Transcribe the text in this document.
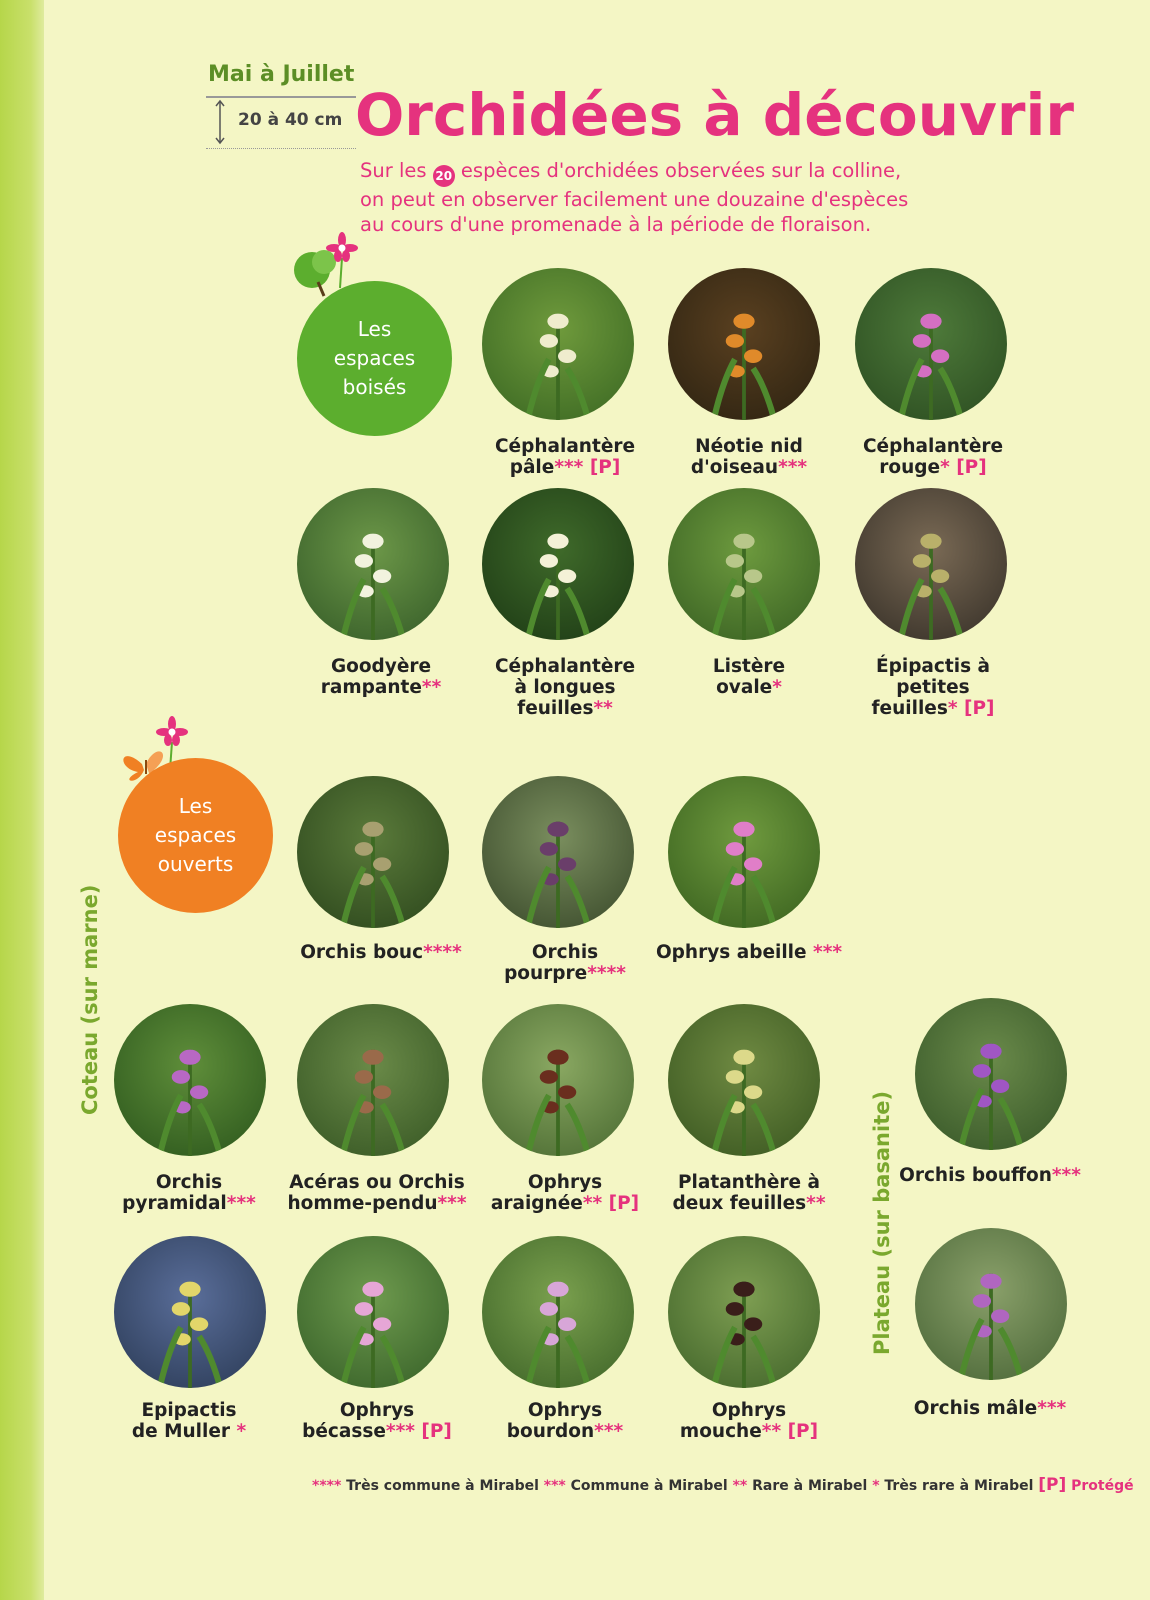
Mai à Juillet
20 à 40 cm Orchidées à découvrir
Sur les 20 espèces d'orchidées observées sur la colline,
on peut en observer facilement une douzaine d'espèces
au cours d'une promenade à la période de floraison.
Les
espaces
boisés
Les
espaces
ouverts
Coteau (sur marne)
Plateau (sur basanite)
Céphalantère
pâle*** [P]
Néotie nid
d'oiseau***
Céphalantère
rouge* [P]
Goodyère
rampante**
Céphalantère
à longues
feuilles**
Listère
ovale*
Épipactis à petites
feuilles* [P]
Orchis bouc****	Orchis pourpre****
Ophrys abeille ***
Orchis pyramidal***
Acéras ou Orchis
homme-pendu***
Ophrys
araignée** [P]
Platanthère à
deux feuilles**
Orchis bouffon***
Epipactis
de Muller *
Ophrys
bécasse*** [P]
Ophrys
bourdon***
Ophrys
mouche** [P]
Orchis mâle***
**** Très commune à Mirabel *** Commune à Mirabel ** Rare à Mirabel * Très rare à Mirabel [P] Protégé
